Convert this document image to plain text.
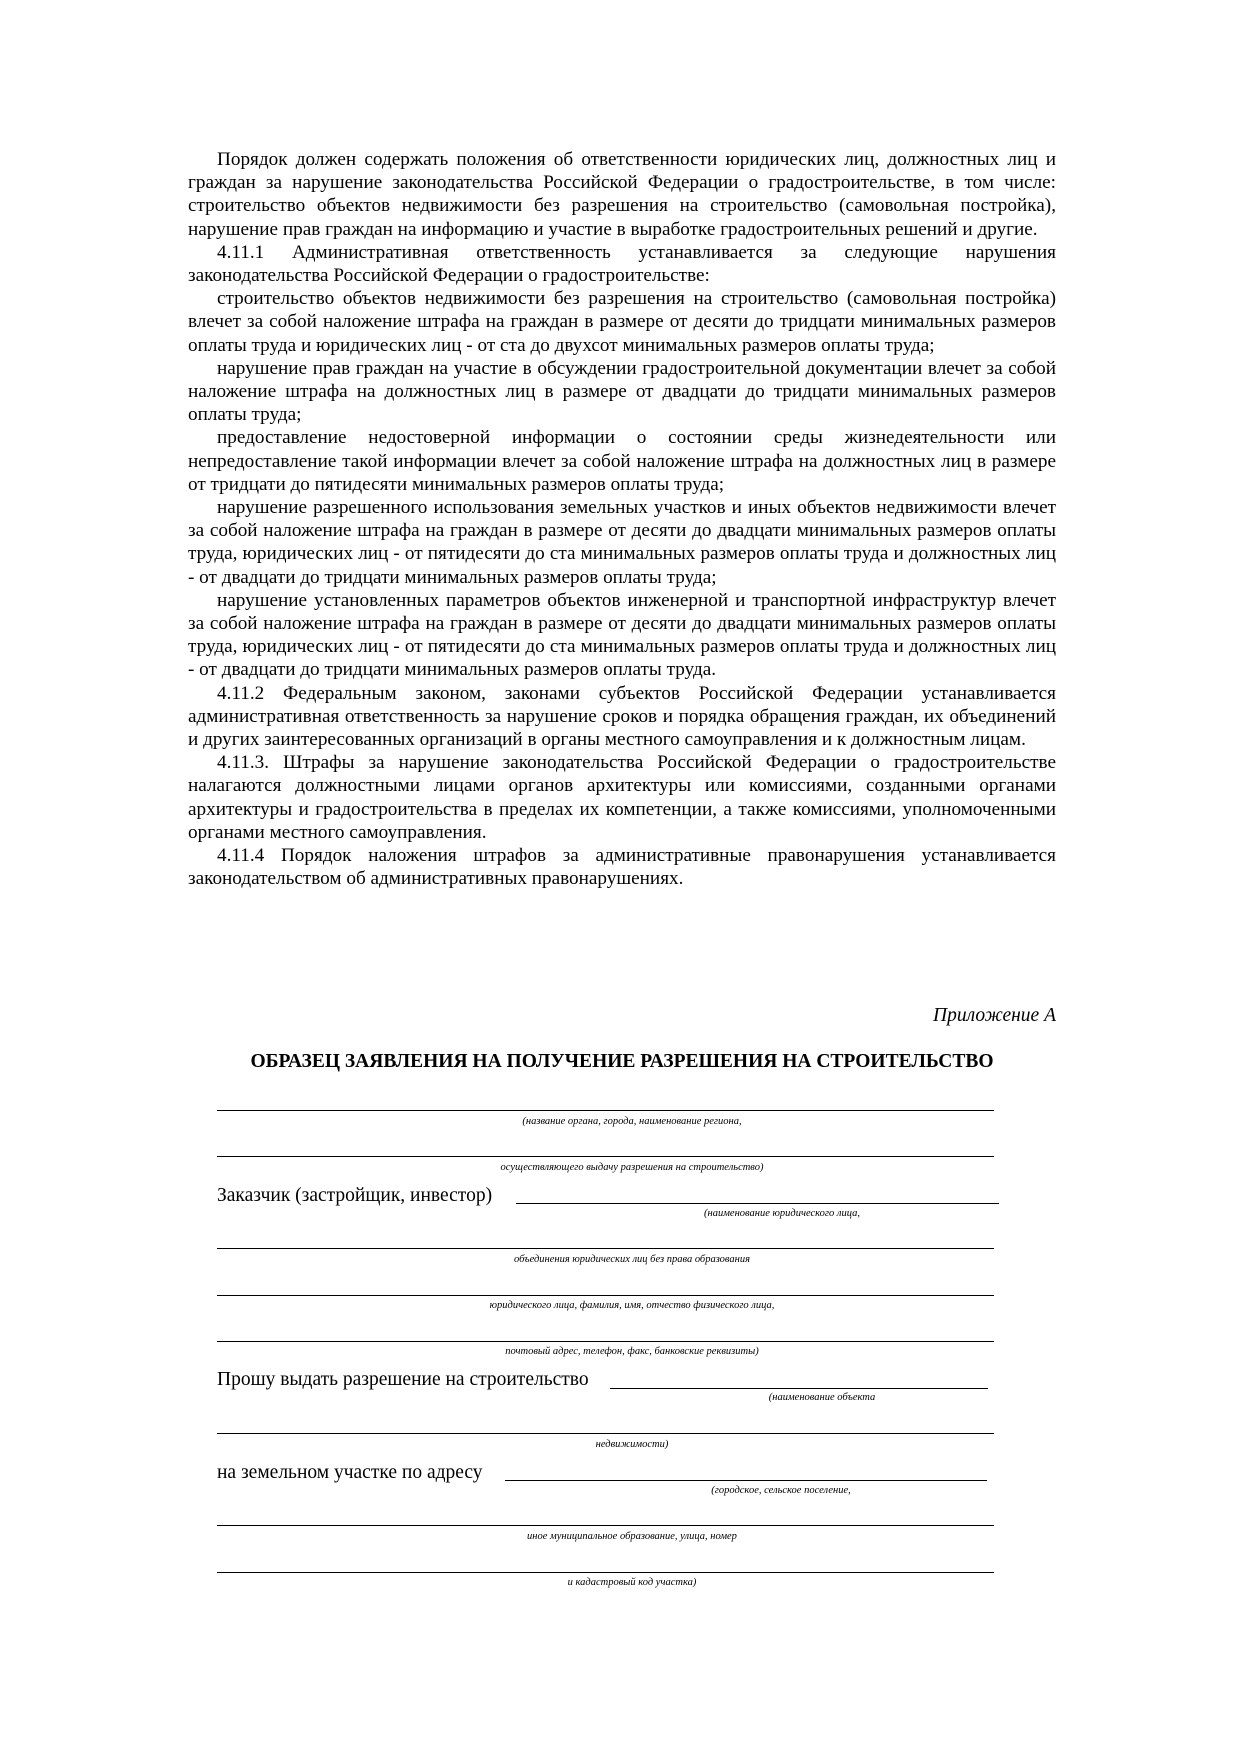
Порядок должен содержать положения об ответственности юридических лиц, должностных лиц и граждан за нарушение законодательства Российской Федерации о градостроительстве, в том числе: строительство объектов недвижимости без разрешения на строительство (самовольная постройка), нарушение прав граждан на информацию и участие в выработке градостроительных решений и другие.

4.11.1 Административная ответственность устанавливается за следующие нарушения законодательства Российской Федерации о градостроительстве:

строительство объектов недвижимости без разрешения на строительство (самовольная постройка) влечет за собой наложение штрафа на граждан в размере от десяти до тридцати минимальных размеров оплаты труда и юридических лиц - от ста до двухсот минимальных размеров оплаты труда;

нарушение прав граждан на участие в обсуждении градостроительной документации влечет за собой наложение штрафа на должностных лиц в размере от двадцати до тридцати минимальных размеров оплаты труда;

предоставление недостоверной информации о состоянии среды жизнедеятельности или непредоставление такой информации влечет за собой наложение штрафа на должностных лиц в размере от тридцати до пятидесяти минимальных размеров оплаты труда;

нарушение разрешенного использования земельных участков и иных объектов недвижимости влечет за собой наложение штрафа на граждан в размере от десяти до двадцати минимальных размеров оплаты труда, юридических лиц - от пятидесяти до ста минимальных размеров оплаты труда и должностных лиц - от двадцати до тридцати минимальных размеров оплаты труда;

нарушение установленных параметров объектов инженерной и транспортной инфраструктур влечет за собой наложение штрафа на граждан в размере от десяти до двадцати минимальных размеров оплаты труда, юридических лиц - от пятидесяти до ста минимальных размеров оплаты труда и должностных лиц - от двадцати до тридцати минимальных размеров оплаты труда.

4.11.2 Федеральным законом, законами субъектов Российской Федерации устанавливается административная ответственность за нарушение сроков и порядка обращения граждан, их объединений и других заинтересованных организаций в органы местного самоуправления и к должностным лицам.

4.11.3. Штрафы за нарушение законодательства Российской Федерации о градостроительстве налагаются должностными лицами органов архитектуры или комиссиями, созданными органами архитектуры и градостроительства в пределах их компетенции, а также комиссиями, уполномоченными органами местного самоуправления.

4.11.4 Порядок наложения штрафов за административные правонарушения устанавливается законодательством об административных правонарушениях.

Приложение А
ОБРАЗЕЦ ЗАЯВЛЕНИЯ НА ПОЛУЧЕНИЕ РАЗРЕШЕНИЯ НА СТРОИТЕЛЬСТВО
(название органа, города, наименование региона,
осуществляющего выдачу разрешения на строительство)
Заказчик (застройщик, инвестор)
(наименование юридического лица,
объединения юридических лиц без права образования
юридического лица, фамилия, имя, отчество физического лица,
почтовый адрес, телефон, факс, банковские реквизиты)
Прошу выдать разрешение на строительство
(наименование объекта
недвижимости)
на земельном участке по адресу
(городское, сельское поселение,
иное муниципальное образование, улица, номер
и кадастровый код участка)
